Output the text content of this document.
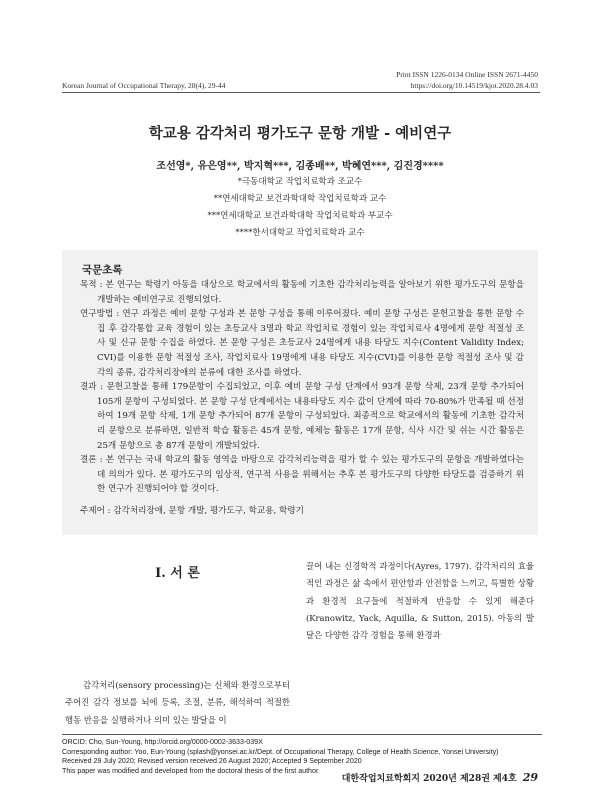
Print ISSN 1226-0134 Online ISSN 2671-4450
Korean Journal of Occupational Therapy, 28(4), 29-44	https://doi.org/10.14519/kjot.2020.28.4.03
학교용 감각처리 평가도구 문항 개발 - 예비연구
조선영*, 유은영**, 박지혁***, 김종배**, 박혜연***, 김진경****
*극동대학교 작업치료학과 조교수
**연세대학교 보건과학대학 작업치료학과 교수
***연세대학교 보건과학대학 작업치료학과 부교수
****한서대학교 작업치료학과 교수
국문초록

목적 : 본 연구는 학령기 아동을 대상으로 학교에서의 활동에 기초한 감각처리능력을 알아보기 위한 평가도구의 문항을 개발하는 예비연구로 진행되었다.

연구방법 : 연구 과정은 예비 문항 구성과 본 문항 구성을 통해 이루어졌다. 예비 문항 구성은 문헌고찰을 통한 문항 수집 후 감각통합 교육 경험이 있는 초등교사 3명과 학교 작업치료 경험이 있는 작업치료사 4명에게 문항 적절성 조사 및 신규 문항 수집을 하였다. 본 문항 구성은 초등교사 24명에게 내용 타당도 지수(Content Validity Index; CVI)를 이용한 문항 적절성 조사, 작업치료사 19명에게 내용 타당도 지수(CVI)를 이용한 문항 적절성 조사 및 감각의 종류, 감각처리장애의 분류에 대한 조사를 하였다.

결과 : 문헌고찰을 통해 179문항이 수집되었고, 이후 예비 문항 구성 단계에서 93개 문항 삭제, 23개 문항 추가되어 105개 문항이 구성되었다. 본 문항 구성 단계에서는 내용타당도 지수 값이 단계에 따라 70-80%가 만족될 때 선정하여 19개 문항 삭제, 1개 문항 추가되어 87개 문항이 구성되었다. 최종적으로 학교에서의 활동에 기초한 감각처리 문항으로 분류하면, 일반적 학습 활동은 45개 문항, 예체능 활동은 17개 문항, 식사 시간 및 쉬는 시간 활동은 25개 문항으로 총 87개 문항이 개발되었다.

결론 : 본 연구는 국내 학교의 활동 영역을 바탕으로 감각처리능력을 평가 할 수 있는 평가도구의 문항을 개발하였다는 데 의의가 있다. 본 평가도구의 임상적, 연구적 사용을 위해서는 추후 본 평가도구의 다양한 타당도를 검증하기 위한 연구가 진행되어야 할 것이다.

주제어 : 감각처리장애, 문항 개발, 평가도구, 학교용, 학령기
Ⅰ. 서 론

감각처리(sensory processing)는 신체와 환경으로부터 주어진 감각 정보를 뇌에 등록, 조절, 분류, 해석하여 적절한 행동 반응을 실행하거나 의미 있는 발달을 이

끌어 내는 신경학적 과정이다(Ayres, 1797). 감각처리의 효율적인 과정은 삶 속에서 편안함과 안전함을 느끼고, 특별한 상황과 환경적 요구들에 적절하게 반응할 수 있게 해준다(Kranowitz, Yack, Aquilla, & Sutton, 2015). 아동의 발달은 다양한 감각 경험을 통해 환경과

ORCID: Cho, Sun-Young, http://orcid.org/0000-0002-3633-039X
Corresponding author: Yoo, Eun-Young (splash@yonsei.ac.kr/Dept. of Occupational Therapy, College of Health Science, Yonsei University)
Received 29 July 2020; Revised version received 26 August 2020; Accepted 9 September 2020
This paper was modified and developed from the doctoral thesis of the first author.
대한작업치료학회지 2020년 제28권 제4호 29
